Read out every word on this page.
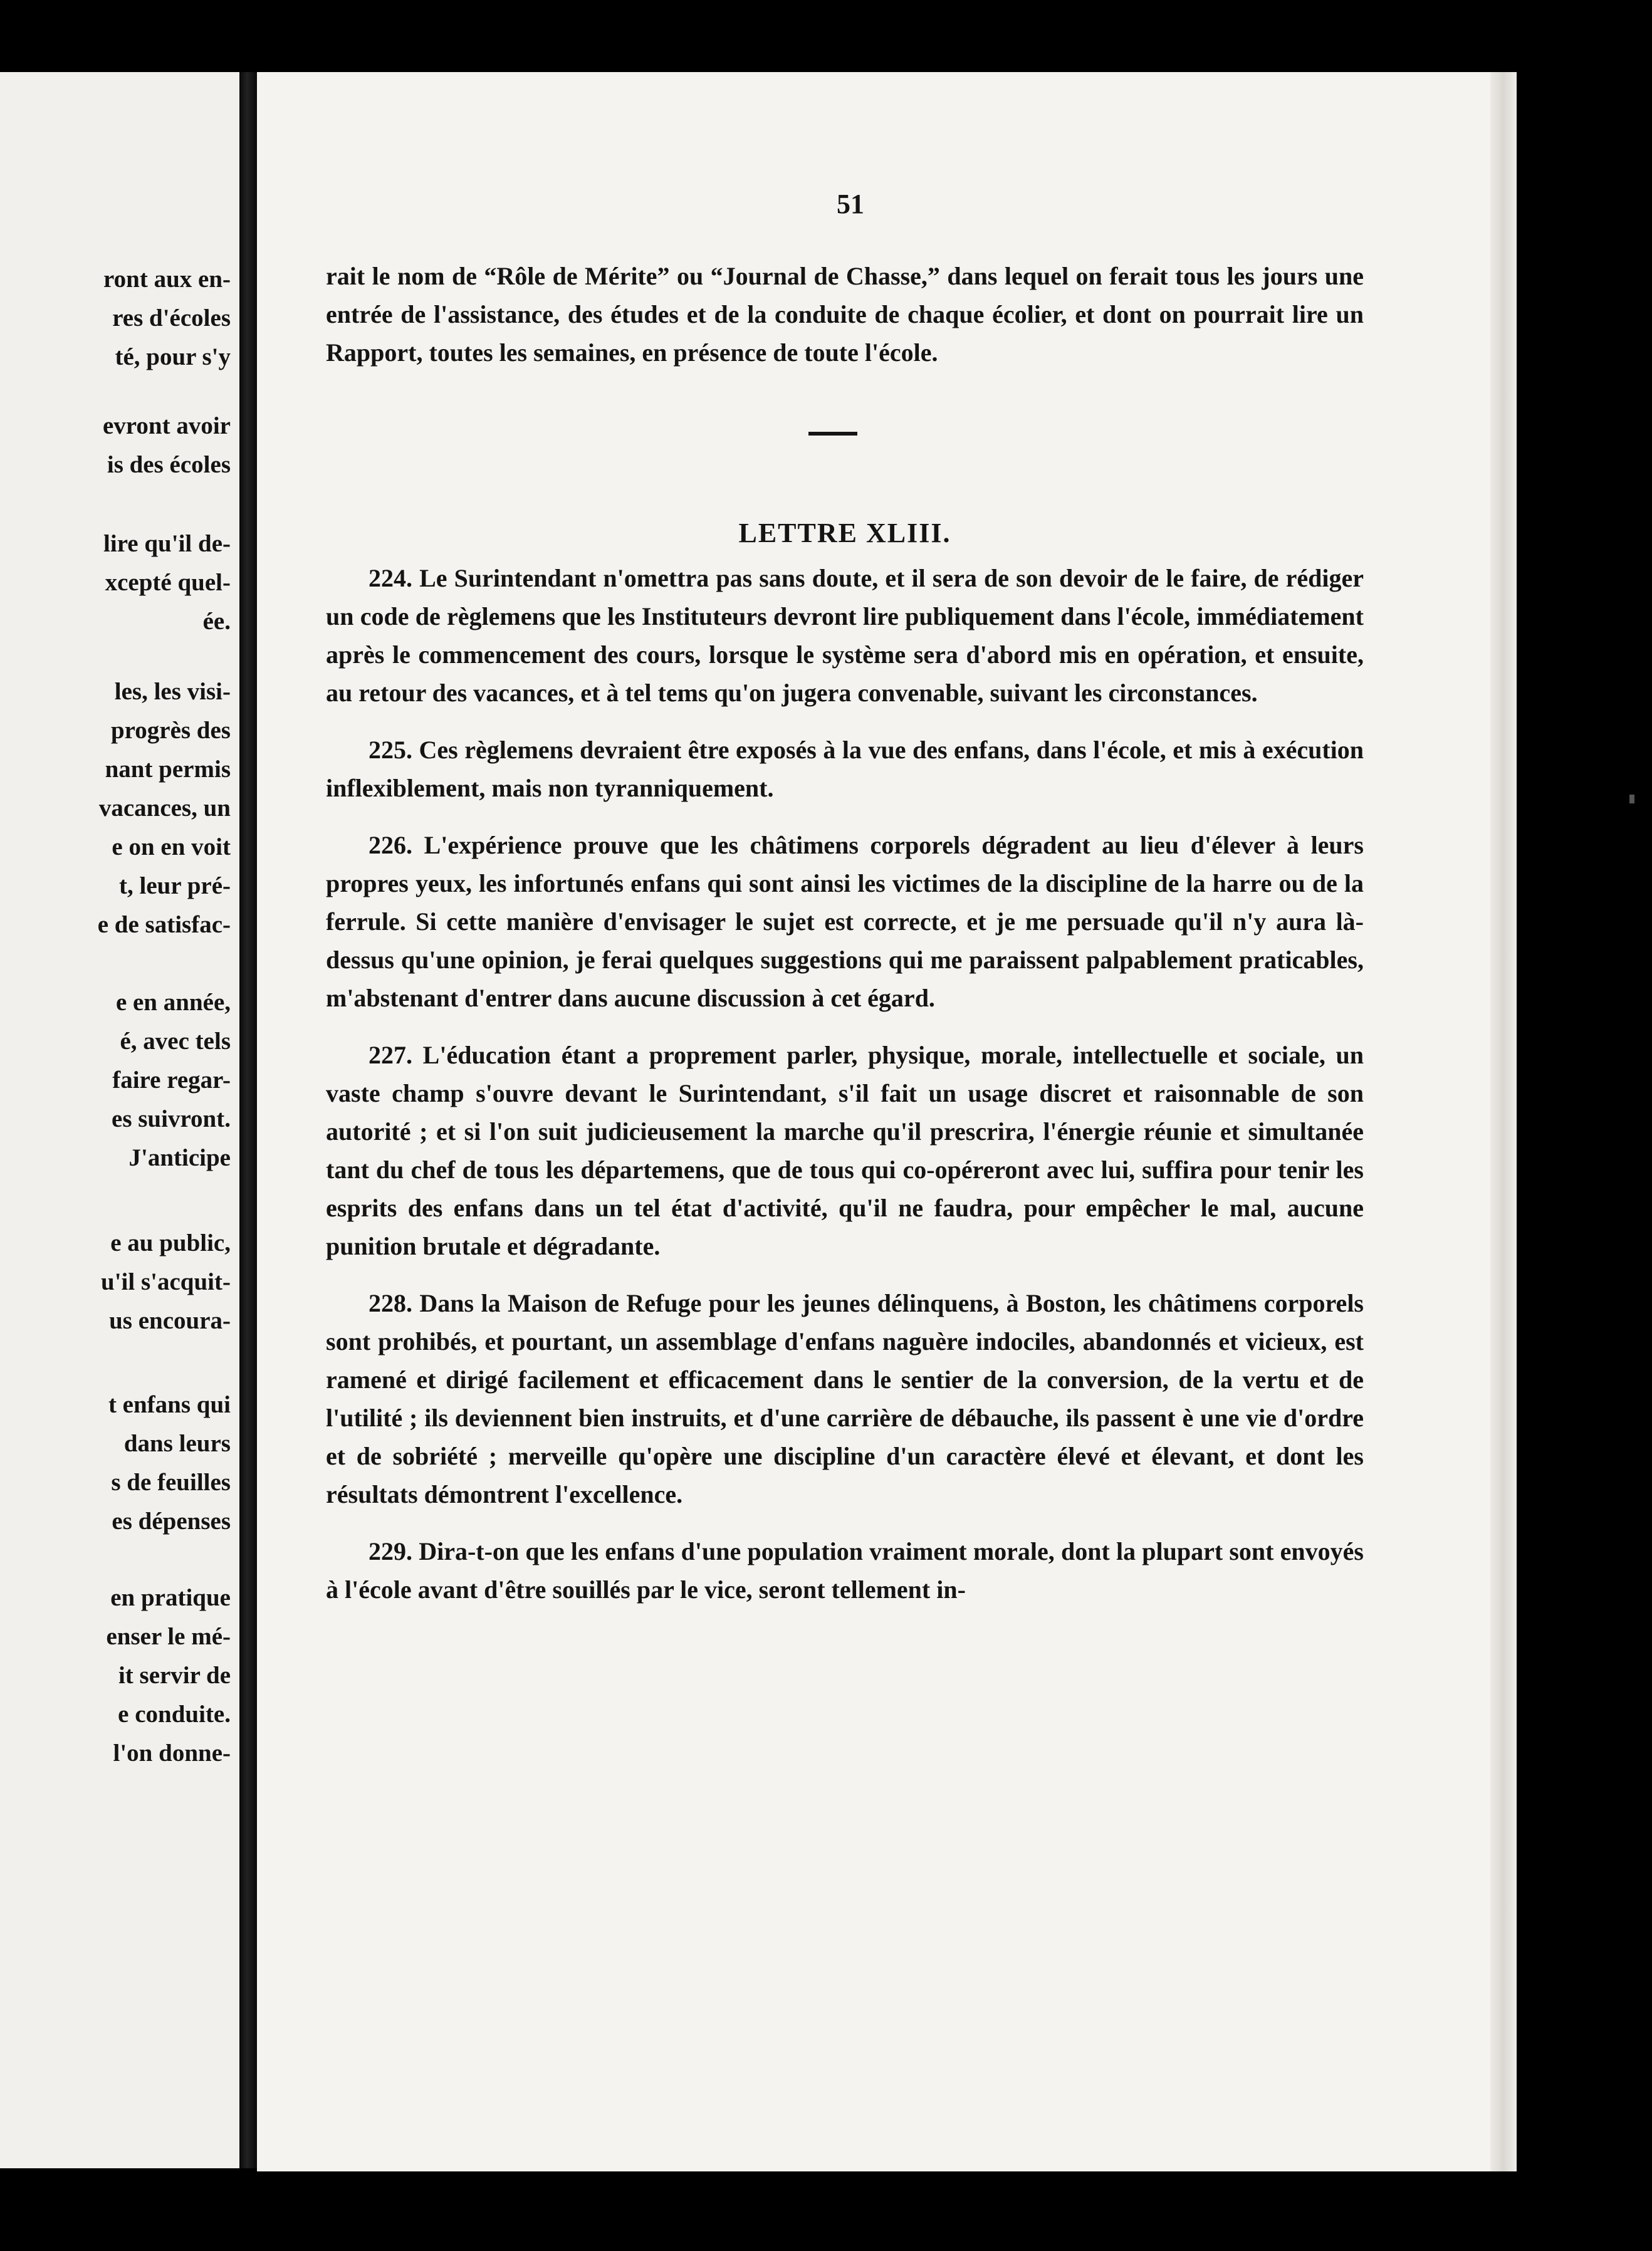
ront aux en-
res d'écoles
té, pour s'y
evront avoir
is des écoles
lire qu'il de-
xcepté quel-
ée.
les, les visi-
progrès des
nant permis
vacances, un
e on en voit
t, leur pré-
e de satisfac-
e en année,
é, avec tels
faire regar-
es suivront.
J'anticipe
e au public,
u'il s'acquit-
us encoura-
t enfans qui
dans leurs
s de feuilles
es dépenses
en pratique
enser le mé-
it servir de
e conduite.
l'on donne-
51

rait le nom de “Rôle de Mérite” ou “Journal de Chasse,” dans lequel on ferait tous les jours une entrée de l'assistance, des études et de la conduite de chaque écolier, et dont on pourrait lire un Rapport, toutes les semaines, en présence de toute l'école.

LETTRE XLIII.

224. Le Surintendant n'omettra pas sans doute, et il sera de son devoir de le faire, de rédiger un code de règlemens que les Instituteurs devront lire publiquement dans l'école, immédiatement après le commencement des cours, lorsque le système sera d'abord mis en opération, et ensuite, au retour des vacances, et à tel tems qu'on jugera convenable, suivant les circonstances.

225. Ces règlemens devraient être exposés à la vue des enfans, dans l'école, et mis à exécution inflexiblement, mais non tyranniquement.

226. L'expérience prouve que les châtimens corporels dégradent au lieu d'élever à leurs propres yeux, les infortunés enfans qui sont ainsi les victimes de la discipline de la harre ou de la ferrule. Si cette manière d'envisager le sujet est correcte, et je me persuade qu'il n'y aura là-dessus qu'une opinion, je ferai quelques suggestions qui me paraissent palpablement praticables, m'abstenant d'entrer dans aucune discussion à cet égard.

227. L'éducation étant a proprement parler, physique, morale, intellectuelle et sociale, un vaste champ s'ouvre devant le Surintendant, s'il fait un usage discret et raisonnable de son autorité ; et si l'on suit judicieusement la marche qu'il prescrira, l'énergie réunie et simultanée tant du chef de tous les départemens, que de tous qui co-opéreront avec lui, suffira pour tenir les esprits des enfans dans un tel état d'activité, qu'il ne faudra, pour empêcher le mal, aucune punition brutale et dégradante.

228. Dans la Maison de Refuge pour les jeunes délinquens, à Boston, les châtimens corporels sont prohibés, et pourtant, un assemblage d'enfans naguère indociles, abandonnés et vicieux, est ramené et dirigé facilement et efficacement dans le sentier de la conversion, de la vertu et de l'utilité ; ils deviennent bien instruits, et d'une carrière de débauche, ils passent è une vie d'ordre et de sobriété ; merveille qu'opère une discipline d'un caractère élevé et élevant, et dont les résultats démontrent l'excellence.

229. Dira-t-on que les enfans d'une population vraiment morale, dont la plupart sont envoyés à l'école avant d'être souillés par le vice, seront tellement in-
